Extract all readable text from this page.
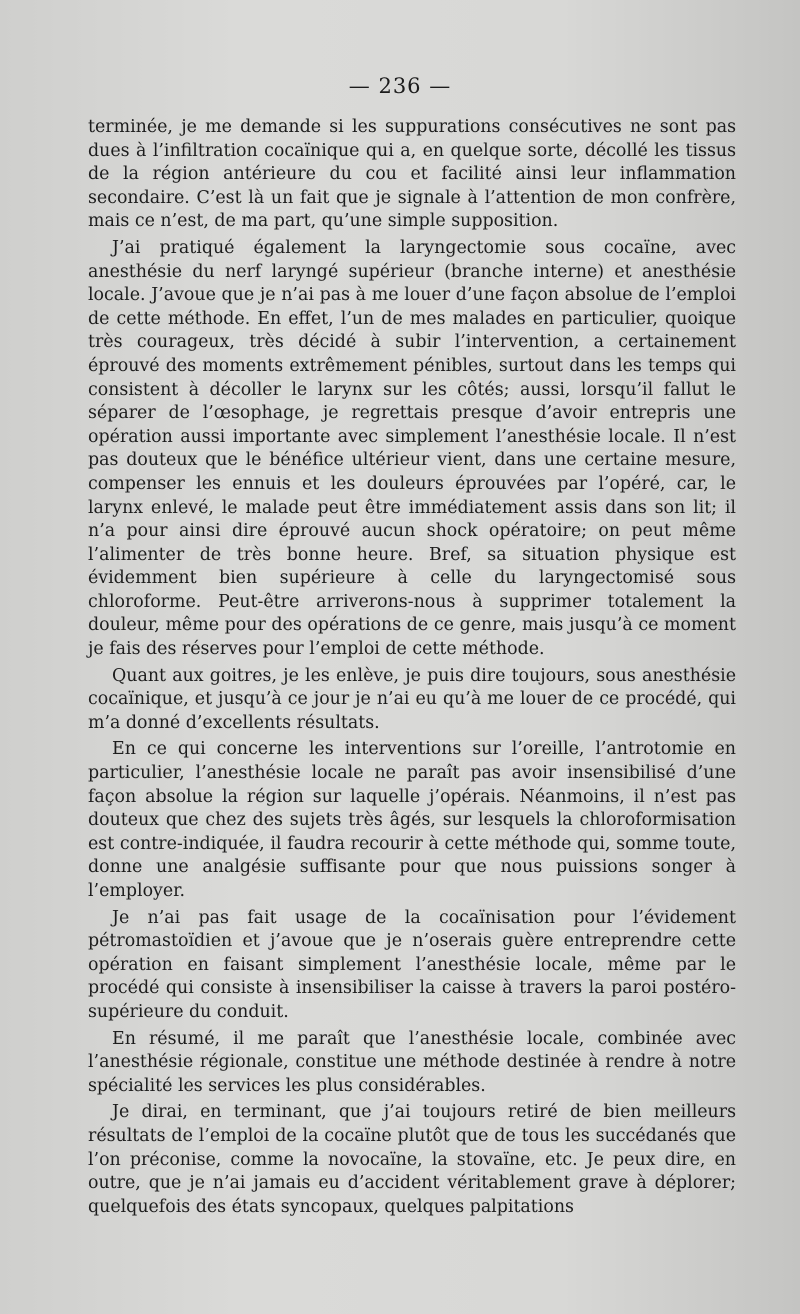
— 236 —

terminée, je me demande si les suppurations consécutives ne sont pas dues à l’infiltration cocaïnique qui a, en quelque sorte, décollé les tissus de la région antérieure du cou et facilité ainsi leur inflammation secondaire. C’est là un fait que je signale à l’attention de mon confrère, mais ce n’est, de ma part, qu’une simple supposition.

J’ai pratiqué également la laryngectomie sous cocaïne, avec anesthésie du nerf laryngé supérieur (branche interne) et anesthésie locale. J’avoue que je n’ai pas à me louer d’une façon absolue de l’emploi de cette méthode. En effet, l’un de mes malades en particulier, quoique très courageux, très décidé à subir l’intervention, a certainement éprouvé des moments extrêmement pénibles, surtout dans les temps qui consistent à décoller le larynx sur les côtés; aussi, lorsqu’il fallut le séparer de l’œsophage, je regrettais presque d’avoir entrepris une opération aussi importante avec simplement l’anesthésie locale. Il n’est pas douteux que le bénéfice ultérieur vient, dans une certaine mesure, compenser les ennuis et les douleurs éprouvées par l’opéré, car, le larynx enlevé, le malade peut être immédiatement assis dans son lit; il n’a pour ainsi dire éprouvé aucun shock opératoire; on peut même l’alimenter de très bonne heure. Bref, sa situation physique est évidemment bien supérieure à celle du laryngectomisé sous chloroforme. Peut-être arriverons-nous à supprimer totalement la douleur, même pour des opérations de ce genre, mais jusqu’à ce moment je fais des réserves pour l’emploi de cette méthode.

Quant aux goitres, je les enlève, je puis dire toujours, sous anesthésie cocaïnique, et jusqu’à ce jour je n’ai eu qu’à me louer de ce procédé, qui m’a donné d’excellents résultats.

En ce qui concerne les interventions sur l’oreille, l’antrotomie en particulier, l’anesthésie locale ne paraît pas avoir insensibilisé d’une façon absolue la région sur laquelle j’opérais. Néanmoins, il n’est pas douteux que chez des sujets très âgés, sur lesquels la chloroformisation est contre-indiquée, il faudra recourir à cette méthode qui, somme toute, donne une analgésie suffisante pour que nous puissions songer à l’employer.

Je n’ai pas fait usage de la cocaïnisation pour l’évidement pétromastoïdien et j’avoue que je n’oserais guère entreprendre cette opération en faisant simplement l’anesthésie locale, même par le procédé qui consiste à insensibiliser la caisse à travers la paroi postéro-supérieure du conduit.

En résumé, il me paraît que l’anesthésie locale, combinée avec l’anesthésie régionale, constitue une méthode destinée à rendre à notre spécialité les services les plus considérables.

Je dirai, en terminant, que j’ai toujours retiré de bien meilleurs résultats de l’emploi de la cocaïne plutôt que de tous les succédanés que l’on préconise, comme la novocaïne, la stovaïne, etc. Je peux dire, en outre, que je n’ai jamais eu d’accident véritablement grave à déplorer; quelquefois des états syncopaux, quelques palpitations
